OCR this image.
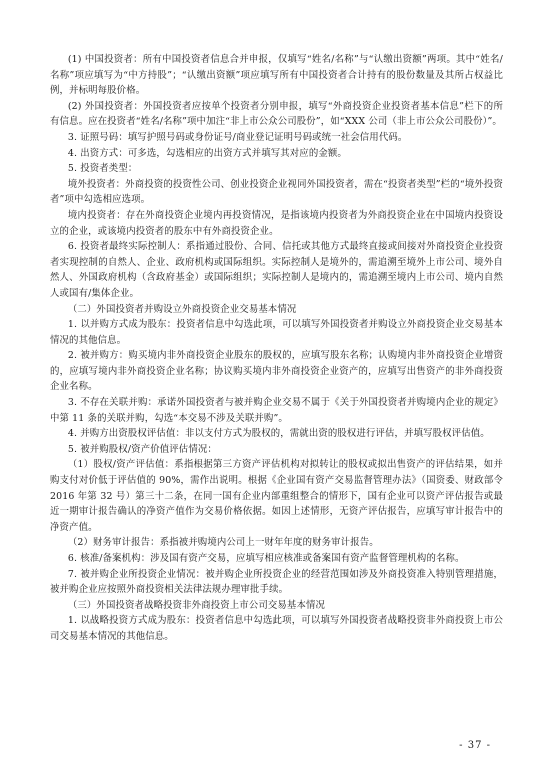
(1) 中国投资者：所有中国投资者信息合并申报，仅填写“姓名/名称”与“认缴出资额”两项。其中“姓名/名称”项应填写为“中方持股”；“认缴出资额”项应填写所有中国投资者合计持有的股份数量及其所占权益比例，并标明每股价格。

(2) 外国投资者：外国投资者应按单个投资者分别申报，填写“外商投资企业投资者基本信息”栏下的所有信息。应在投资者“姓名/名称”项中加注“非上市公众公司股份”，如“XXX 公司（非上市公众公司股份）”。

3. 证照号码：填写护照号码或身份证号/商业登记证明号码或统一社会信用代码。

4. 出资方式：可多选，勾选相应的出资方式并填写其对应的金额。

5. 投资者类型：

境外投资者：外商投资的投资性公司、创业投资企业视同外国投资者，需在“投资者类型”栏的“境外投资者”项中勾选相应选项。

境内投资者：存在外商投资企业境内再投资情况，是指该境内投资者为外商投资企业在中国境内投资设立的企业，或该境内投资者的股东中有外商投资企业。

6. 投资者最终实际控制人：系指通过股份、合同、信托或其他方式最终直接或间接对外商投资企业投资者实现控制的自然人、企业、政府机构或国际组织。实际控制人是境外的，需追溯至境外上市公司、境外自然人、外国政府机构（含政府基金）或国际组织；实际控制人是境内的，需追溯至境内上市公司、境内自然人或国有/集体企业。

（二）外国投资者并购设立外商投资企业交易基本情况

1. 以并购方式成为股东：投资者信息中勾选此项，可以填写外国投资者并购设立外商投资企业交易基本情况的其他信息。

2. 被并购方：购买境内非外商投资企业股东的股权的，应填写股东名称；认购境内非外商投资企业增资的，应填写境内非外商投资企业名称；协议购买境内非外商投资企业资产的，应填写出售资产的非外商投资企业名称。

3. 不存在关联并购：承诺外国投资者与被并购企业交易不属于《关于外国投资者并购境内企业的规定》中第 11 条的关联并购，勾选“本交易不涉及关联并购”。

4. 并购方出资股权评估值：非以支付方式为股权的，需就出资的股权进行评估，并填写股权评估值。

5. 被并购股权/资产价值评估情况：

（1）股权/资产评估值：系指根据第三方资产评估机构对拟转让的股权或拟出售资产的评估结果，如并购支付对价低于评估值的 90%，需作出说明。根据《企业国有资产交易监督管理办法》（国资委、财政部令 2016 年第 32 号）第三十二条，在同一国有企业内部重组整合的情形下，国有企业可以资产评估报告或最近一期审计报告确认的净资产值作为交易价格依据。如因上述情形，无资产评估报告，应填写审计报告中的净资产值。

（2）财务审计报告：系指被并购境内公司上一财年年度的财务审计报告。

6. 核准/备案机构：涉及国有资产交易，应填写相应核准或备案国有资产监督管理机构的名称。

7. 被并购企业所投资企业情况：被并购企业所投资企业的经营范围如涉及外商投资准入特别管理措施，被并购企业应按照外商投资相关法律法规办理审批手续。

（三）外国投资者战略投资非外商投资上市公司交易基本情况

1. 以战略投资方式成为股东：投资者信息中勾选此项，可以填写外国投资者战略投资非外商投资上市公司交易基本情况的其他信息。

- 37 -
